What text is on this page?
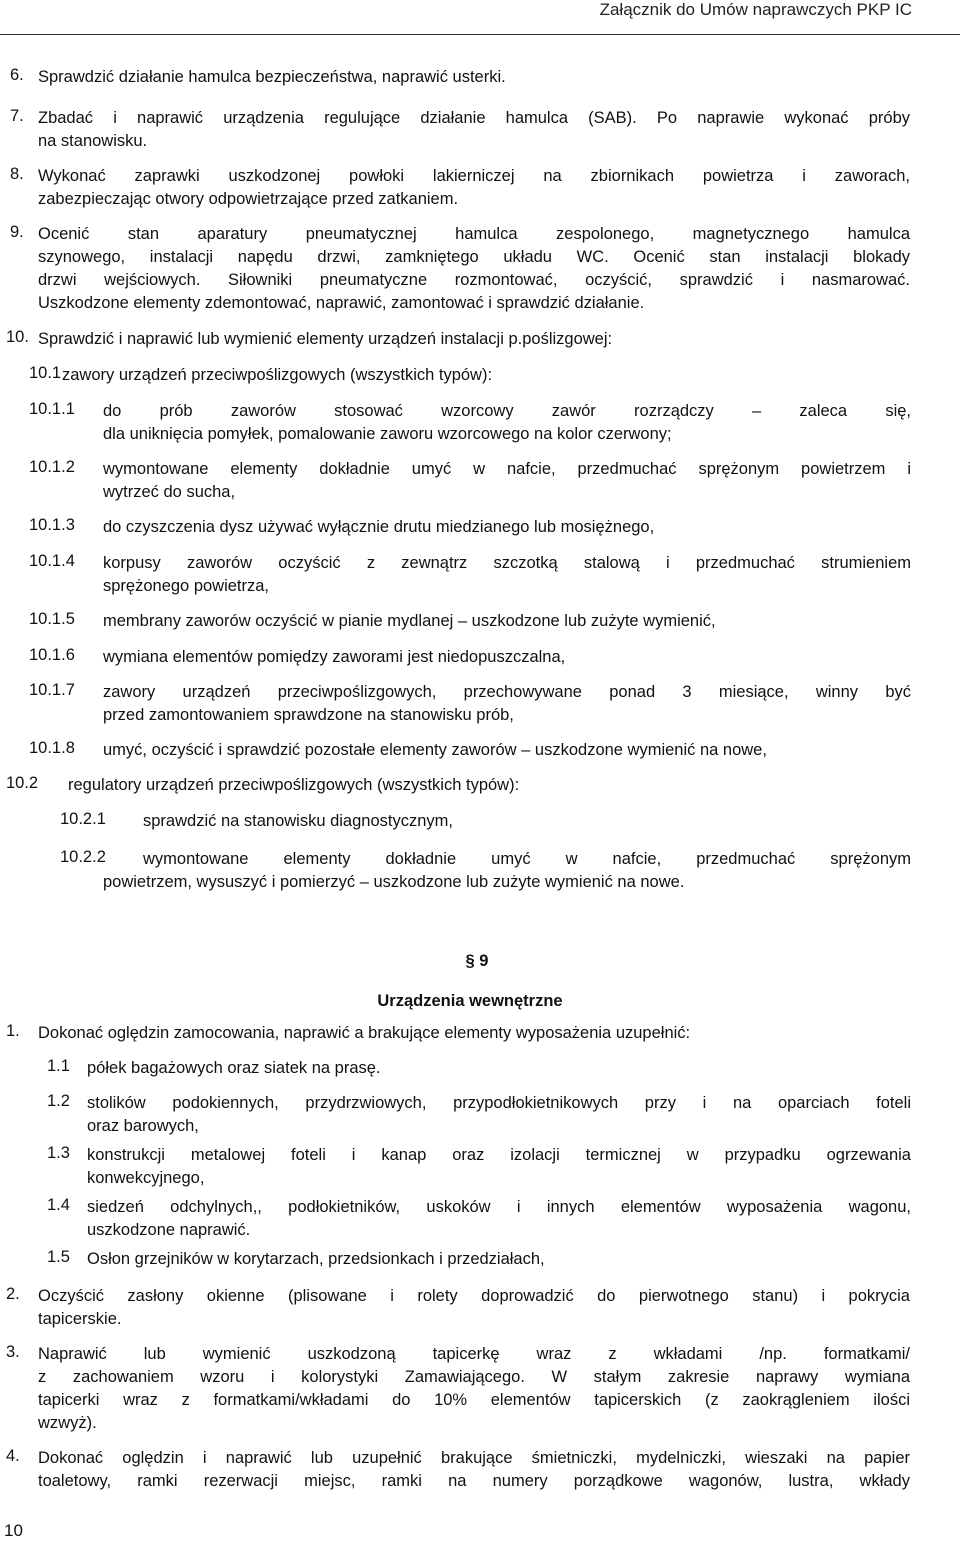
Załącznik do Umów naprawczych PKP IC
6. Sprawdzić działanie hamulca bezpieczeństwa, naprawić usterki.
7. Zbadać i naprawić urządzenia regulujące działanie hamulca (SAB). Po naprawie wykonać próby
na stanowisku.
8. Wykonać zaprawki uszkodzonej powłoki lakierniczej na zbiornikach powietrza i zaworach,
zabezpieczając otwory odpowietrzające przed zatkaniem.
9. Ocenić stan aparatury pneumatycznej hamulca zespolonego, magnetycznego hamulca
szynowego, instalacji napędu drzwi, zamkniętego układu WC. Ocenić stan instalacji blokady
drzwi wejściowych. Siłowniki pneumatyczne rozmontować, oczyścić, sprawdzić i nasmarować.
Uszkodzone elementy zdemontować, naprawić, zamontować i sprawdzić działanie.
10. Sprawdzić i naprawić lub wymienić elementy urządzeń instalacji p.poślizgowej:
10.1 zawory urządzeń przeciwpoślizgowych (wszystkich typów):
10.1.1 do prób zaworów stosować wzorcowy zawór rozrządczy – zaleca się,
dla uniknięcia pomyłek, pomalowanie zaworu wzorcowego na kolor czerwony;
10.1.2 wymontowane elementy dokładnie umyć w nafcie, przedmuchać sprężonym powietrzem i
wytrzeć do sucha,
10.1.3 do czyszczenia dysz używać wyłącznie drutu miedzianego lub mosiężnego,
10.1.4 korpusy zaworów oczyścić z zewnątrz szczotką stalową i przedmuchać strumieniem
sprężonego powietrza,
10.1.5 membrany zaworów oczyścić w pianie mydlanej – uszkodzone lub zużyte wymienić,
10.1.6 wymiana elementów pomiędzy zaworami jest niedopuszczalna,
10.1.7 zawory urządzeń przeciwpoślizgowych, przechowywane ponad 3 miesiące, winny być
przed zamontowaniem sprawdzone na stanowisku prób,
10.1.8 umyć, oczyścić i sprawdzić pozostałe elementy zaworów – uszkodzone wymienić na nowe,
10.2 regulatory urządzeń przeciwpoślizgowych (wszystkich typów):
10.2.1 sprawdzić na stanowisku diagnostycznym,
10.2.2 wymontowane elementy dokładnie umyć w nafcie, przedmuchać sprężonym
powietrzem, wysuszyć i pomierzyć – uszkodzone lub zużyte wymienić na nowe.
§ 9
Urządzenia wewnętrzne
1. Dokonać oględzin zamocowania, naprawić a brakujące elementy wyposażenia uzupełnić:
1.1 półek bagażowych oraz siatek na prasę.
1.2 stolików podokiennych, przydrzwiowych, przypodłokietnikowych przy i na oparciach foteli
oraz barowych,
1.3 konstrukcji metalowej foteli i kanap oraz izolacji termicznej w przypadku ogrzewania
konwekcyjnego,
1.4 siedzeń odchylnych,, podłokietników, uskoków i innych elementów wyposażenia wagonu,
uszkodzone naprawić.
1.5 Osłon grzejników w korytarzach, przedsionkach i przedziałach,
2. Oczyścić zasłony okienne (plisowane i rolety doprowadzić do pierwotnego stanu) i pokrycia
tapicerskie.
3. Naprawić lub wymienić uszkodzoną tapicerkę wraz z wkładami /np. formatkami/
z zachowaniem wzoru i kolorystyki Zamawiającego. W stałym zakresie naprawy wymiana
tapicerki wraz z formatkami/wkładami do 10% elementów tapicerskich (z zaokrągleniem ilości
wzwyż).
4. Dokonać oględzin i naprawić lub uzupełnić brakujące śmietniczki, mydelniczki, wieszaki na papier
toaletowy, ramki rezerwacji miejsc, ramki na numery porządkowe wagonów, lustra, wkłady
10
